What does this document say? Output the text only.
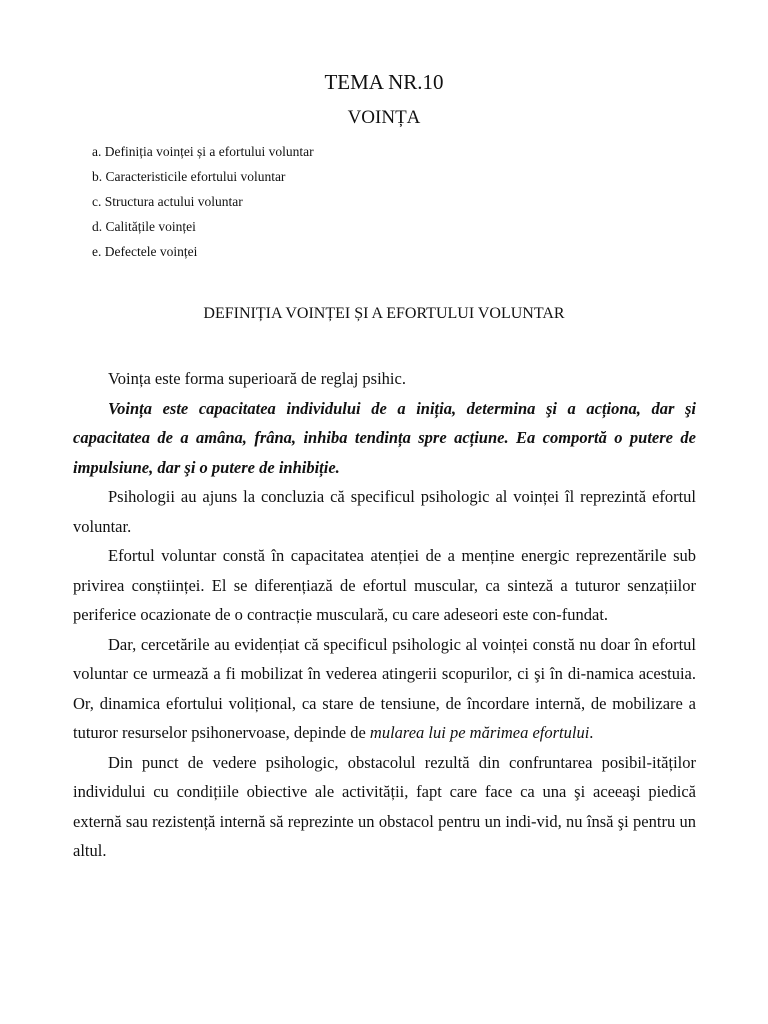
TEMA NR.10
VOINȚA
a. Definiția voinței și a efortului voluntar
b. Caracteristicile efortului voluntar
c. Structura actului voluntar
d. Calitățile voinței
e. Defectele voinței
DEFINIȚIA VOINȚEI ȘI A EFORTULUI VOLUNTAR

Voința este forma superioară de reglaj psihic.

Voința este capacitatea individului de a iniția, determina şi a acționa, dar şi capacitatea de a amâna, frâna, inhiba tendința spre acțiune. Ea comportă o putere de impulsiune, dar şi o putere de inhibiție.

Psihologii au ajuns la concluzia că specificul psihologic al voinței îl reprezintă efortul voluntar.

Efortul voluntar constă în capacitatea atenției de a menține energic reprezentările sub privirea conștiinței. El se diferențiază de efortul muscular, ca sinteză a tuturor senzațiilor periferice ocazionate de o contracție musculară, cu care adeseori este con-fundat.

Dar, cercetările au evidențiat că specificul psihologic al voinței constă nu doar în efortul voluntar ce urmează a fi mobilizat în vederea atingerii scopurilor, ci şi în di-namica acestuia. Or, dinamica efortului volițional, ca stare de tensiune, de încordare internă, de mobilizare a tuturor resurselor psihonervoase, depinde de mularea lui pe mărimea efortului.

Din punct de vedere psihologic, obstacolul rezultă din confruntarea posibil-ităților individului cu condițiile obiective ale activității, fapt care face ca una şi aceeaşi piedică externă sau rezistență internă să reprezinte un obstacol pentru un indi-vid, nu însă şi pentru un altul.
